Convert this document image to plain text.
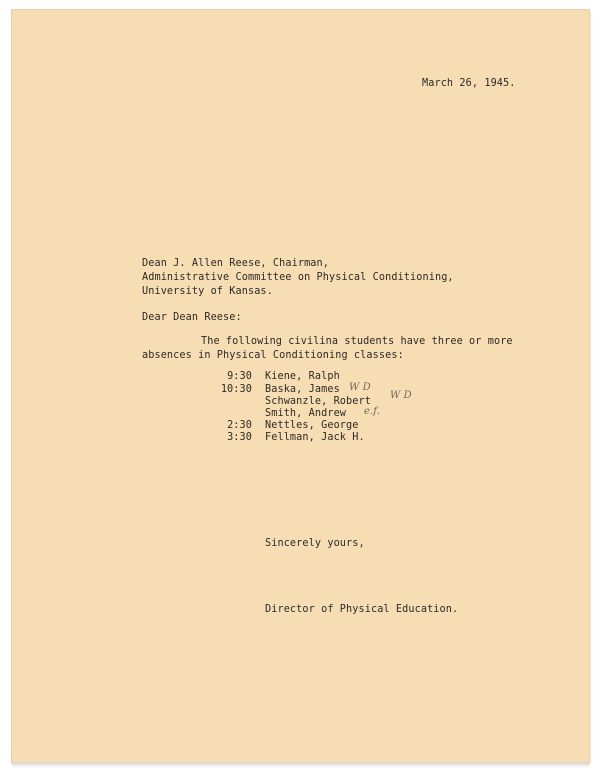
March 26, 1945.
Dean J. Allen Reese, Chairman,
Administrative Committee on Physical Conditioning,
University of Kansas.
Dear Dean Reese:
The following civilina students have three or more
absences in Physical Conditioning classes:
9:30 Kiene, Ralph
10:30 Baska, James W D
Schwanzle, Robert
W D
Smith, Andrew e.f.
2:30 Nettles, George
3:30 Fellman, Jack H.
Sincerely yours,
Director of Physical Education.
